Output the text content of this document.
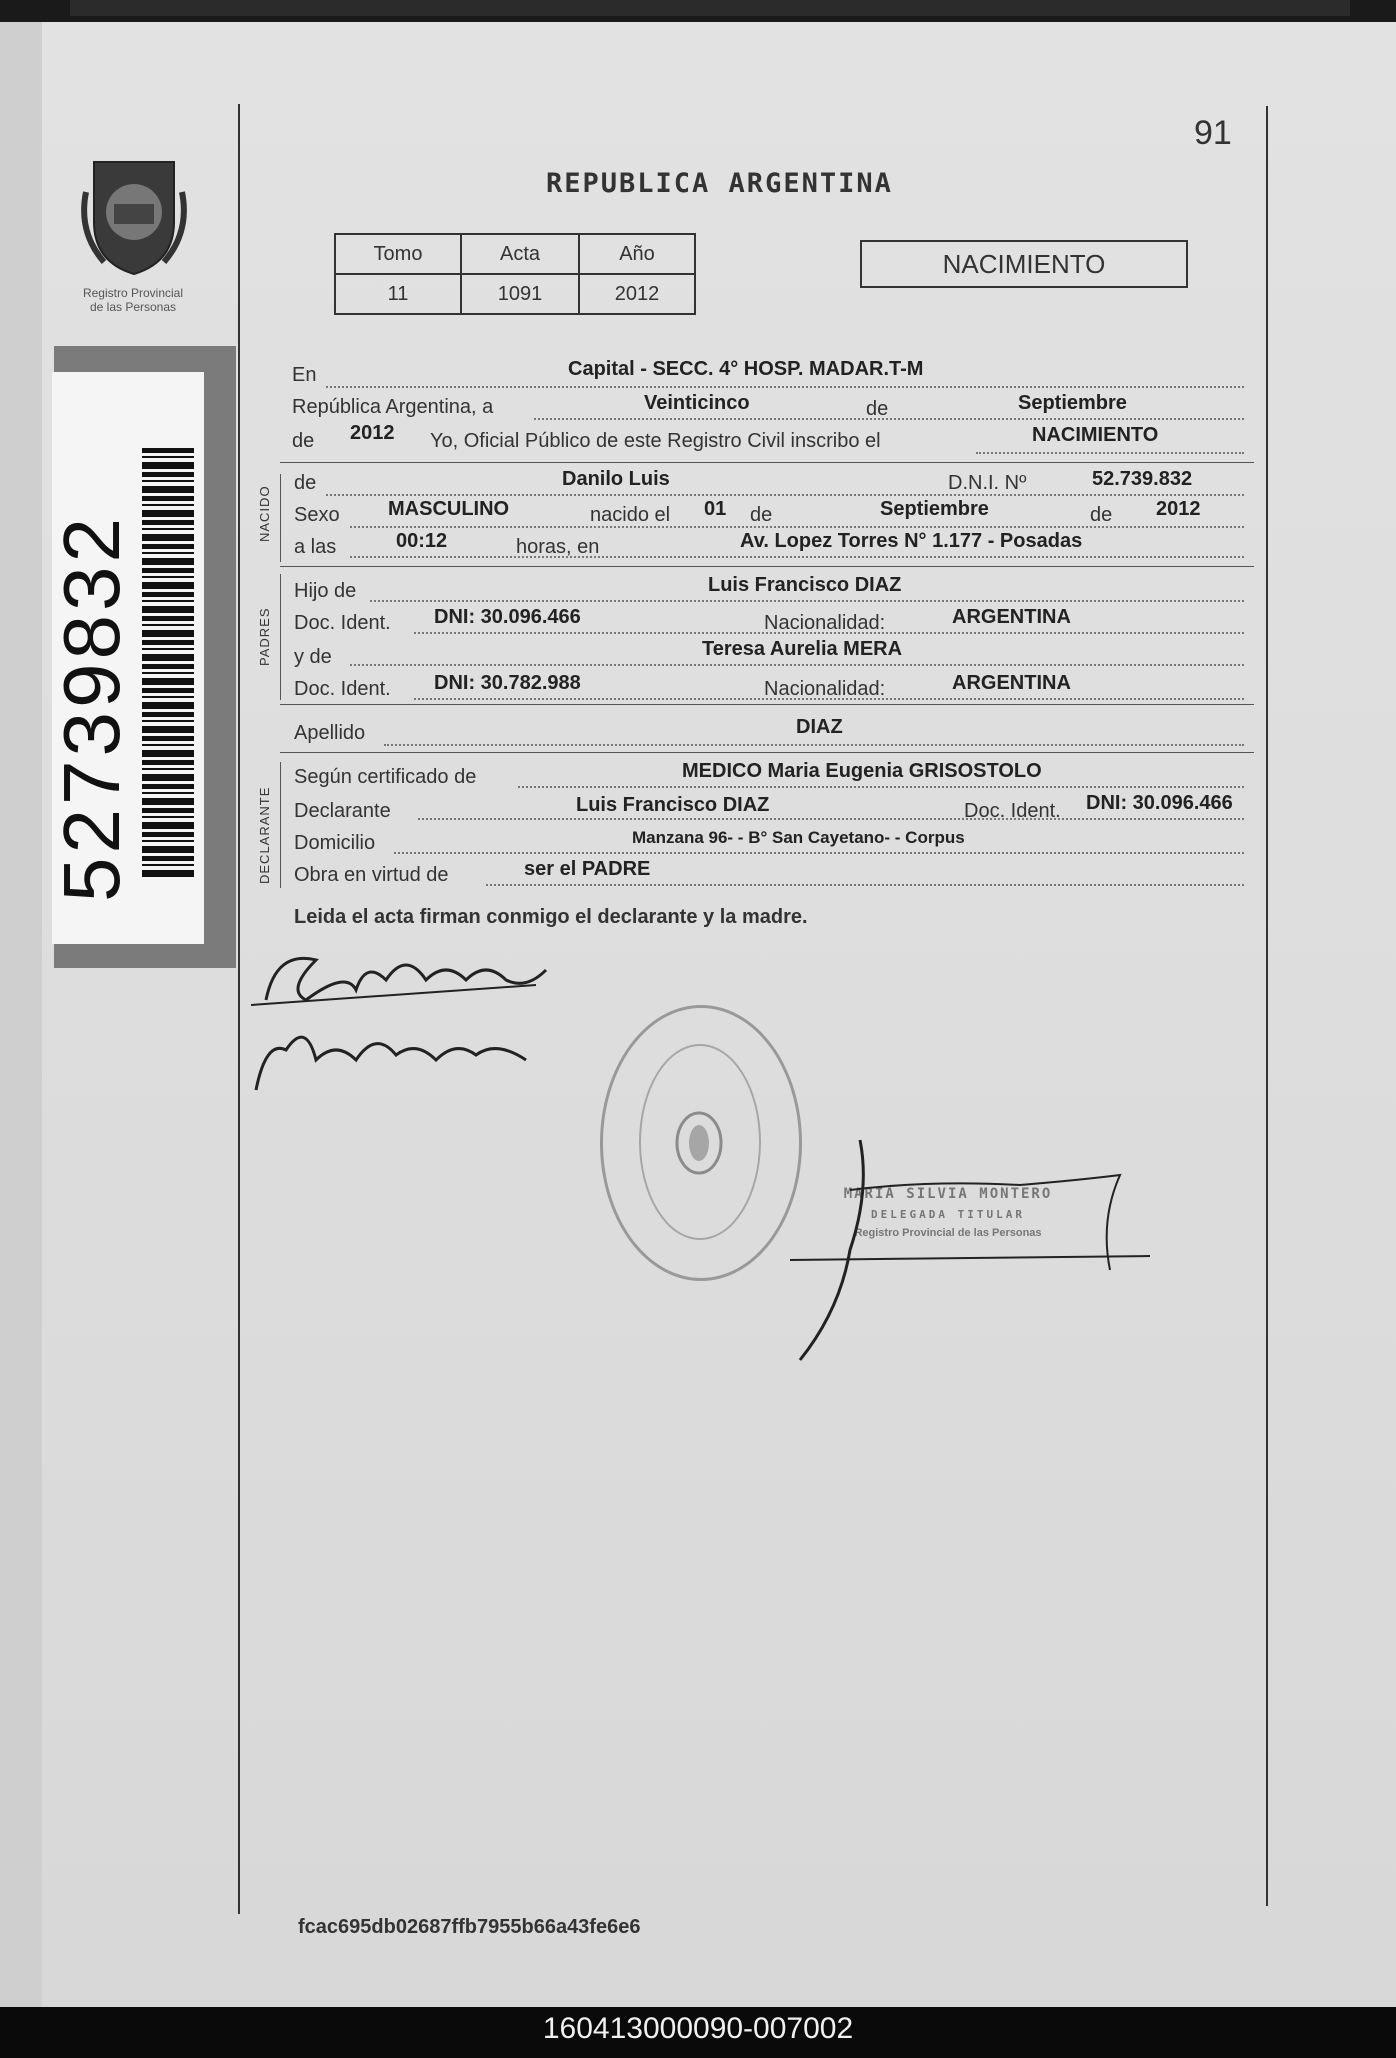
Registro Provincial
de las Personas
52739832
91
REPUBLICA ARGENTINA
Tomo	Acta	Año
11	1091	2012
NACIMIENTO
NACIDO
PADRES
DECLARANTE
En	Capital - SECC. 4° HOSP. MADAR.T-M
República Argentina, a	Veinticinco	de	Septiembre
de 2012 Yo, Oficial Público de este Registro Civil inscribo el	NACIMIENTO
de	Danilo Luis	D.N.I. Nº	52.739.832
Sexo MASCULINO	nacido el 01 de	Septiembre	de 2012
a las	00:12	horas, en	Av. Lopez Torres N° 1.177 - Posadas
Hijo de	Luis Francisco DIAZ
Doc. Ident. DNI: 30.096.466	Nacionalidad:	ARGENTINA
y de	Teresa Aurelia MERA
Doc. Ident. DNI: 30.782.988	Nacionalidad:	ARGENTINA
Apellido	DIAZ
Según certificado de	MEDICO Maria Eugenia GRISOSTOLO
Declarante	Luis Francisco DIAZ	Doc. Ident. DNI: 30.096.466
Domicilio	Manzana 96- - B° San Cayetano- - Corpus
Obra en virtud de	ser el PADRE
Leida el acta firman conmigo el declarante y la madre.
MARIA SILVIA MONTERO
DELEGADA TITULAR
Registro Provincial de las Personas
fcac695db02687ffb7955b66a43fe6e6
160413000090-007002
